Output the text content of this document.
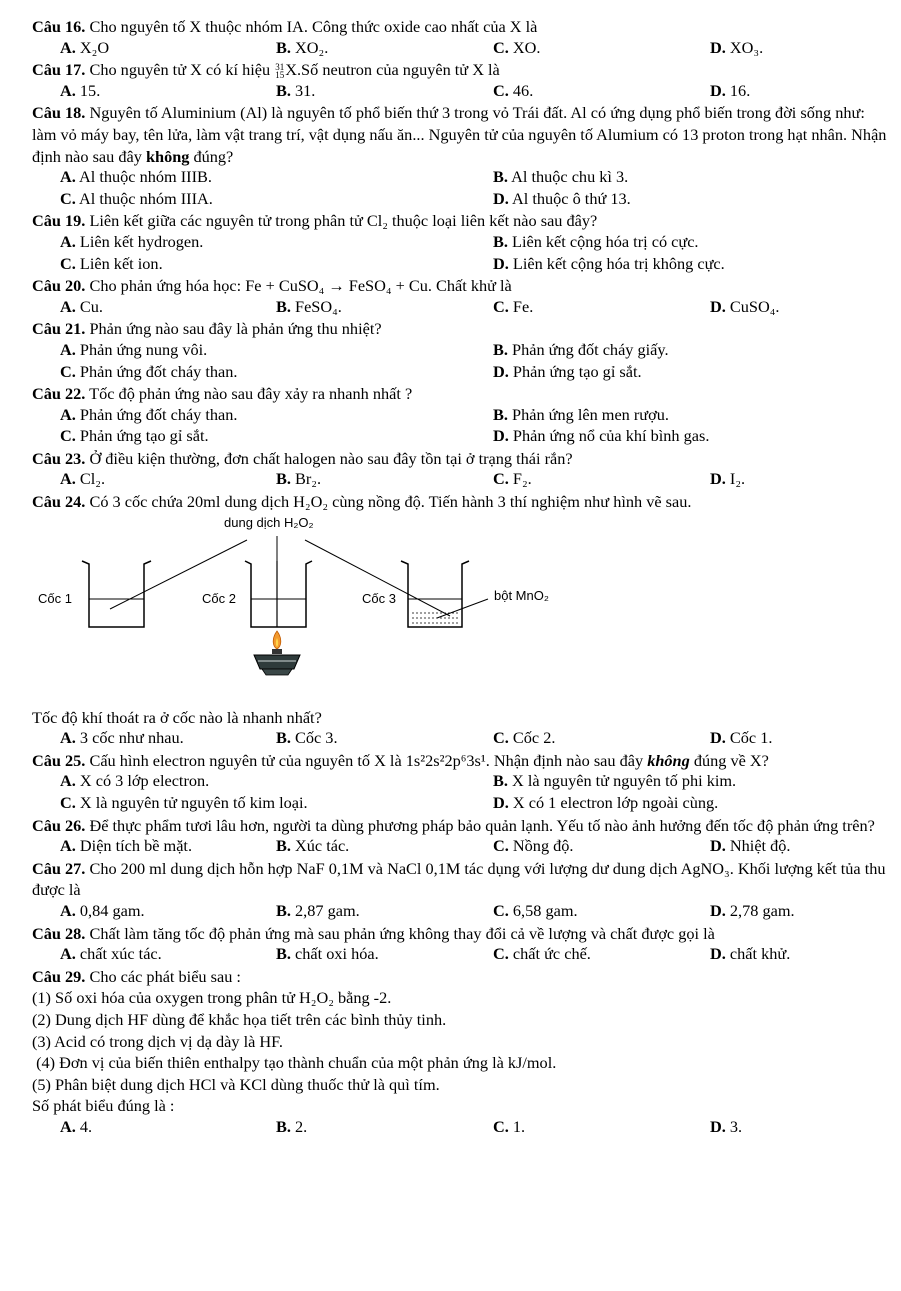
Câu 16. Cho nguyên tố X thuộc nhóm IA. Công thức oxide cao nhất của X là
A. X₂O	B. XO₂.	C. XO.	D. XO₃.
Câu 17. Cho nguyên tử X có kí hiệu 31
15 X.Số neutron của nguyên tử X là
A. 15.	B. 31.	C. 46.	D. 16.
Câu 18. Nguyên tố Aluminium (Al) là nguyên tố phổ biến thứ 3 trong vỏ Trái đất. Al có ứng dụng phổ biến trong đời sống như: làm vỏ máy bay, tên lửa, làm vật trang trí, vật dụng nấu ăn... Nguyên tử của nguyên tố Alumium có 13 proton trong hạt nhân. Nhận định nào sau đây không đúng?
A. Al thuộc nhóm IIIB.	B. Al thuộc chu kì 3.
C. Al thuộc nhóm IIIA.	D. Al thuộc ô thứ 13.
Câu 19. Liên kết giữa các nguyên tử trong phân tử Cl₂ thuộc loại liên kết nào sau đây?
A. Liên kết hydrogen.	B. Liên kết cộng hóa trị có cực.
C. Liên kết ion.	D. Liên kết cộng hóa trị không cực.
Câu 20. Cho phản ứng hóa học: Fe + CuSO₄ → FeSO₄ + Cu. Chất khử là
A. Cu.	B. FeSO₄.	C. Fe.	D. CuSO₄.
Câu 21. Phản ứng nào sau đây là phản ứng thu nhiệt?
A. Phản ứng nung vôi.	B. Phản ứng đốt cháy giấy.
C. Phản ứng đốt cháy than.	D. Phản ứng tạo gỉ sắt.
Câu 22. Tốc độ phản ứng nào sau đây xảy ra nhanh nhất ?
A. Phản ứng đốt cháy than.	B. Phản ứng lên men rượu.
C. Phản ứng tạo gỉ sắt.	D. Phản ứng nổ của khí bình gas.
Câu 23. Ở điều kiện thường, đơn chất halogen nào sau đây tồn tại ở trạng thái rắn?
A. Cl₂.	B. Br₂.	C. F₂.	D. I₂.
Câu 24. Có 3 cốc chứa 20ml dung dịch H₂O₂ cùng nồng độ. Tiến hành 3 thí nghiệm như hình vẽ sau.
dung dịch H₂O₂
Cốc 1	Cốc 2	Cốc 3	bột MnO₂
Tốc độ khí thoát ra ở cốc nào là nhanh nhất?
A. 3 cốc như nhau.	B. Cốc 3.	C. Cốc 2.	D. Cốc 1.
Câu 25. Cấu hình electron nguyên tử của nguyên tố X là 1s²2s²2p⁶3s¹. Nhận định nào sau đây không đúng về X?
A. X có 3 lớp electron.	B. X là nguyên tử nguyên tố phi kim.
C. X là nguyên tử nguyên tố kim loại.	D. X có 1 electron lớp ngoài cùng.
Câu 26. Để thực phẩm tươi lâu hơn, người ta dùng phương pháp bảo quản lạnh. Yếu tố nào ảnh hưởng đến tốc độ phản ứng trên?
A. Diện tích bề mặt.	B. Xúc tác.	C. Nồng độ.	D. Nhiệt độ.
Câu 27. Cho 200 ml dung dịch hỗn hợp NaF 0,1M và NaCl 0,1M tác dụng với lượng dư dung dịch AgNO₃. Khối lượng kết tủa thu được là
A. 0,84 gam.	B. 2,87 gam.	C. 6,58 gam.	D. 2,78 gam.
Câu 28. Chất làm tăng tốc độ phản ứng mà sau phản ứng không thay đổi cả về lượng và chất được gọi là
A. chất xúc tác.	B. chất oxi hóa.	C. chất ức chế.	D. chất khử.
Câu 29. Cho các phát biểu sau :
(1) Số oxi hóa của oxygen trong phân tử H₂O₂ bằng -2.
(2) Dung dịch HF dùng để khắc họa tiết trên các bình thủy tinh.
(3) Acid có trong dịch vị dạ dày là HF.
(4) Đơn vị của biến thiên enthalpy tạo thành chuẩn của một phản ứng là kJ/mol.
(5) Phân biệt dung dịch HCl và KCl dùng thuốc thử là quì tím.
Số phát biểu đúng là :
A. 4.	B. 2.	C. 1.	D. 3.
